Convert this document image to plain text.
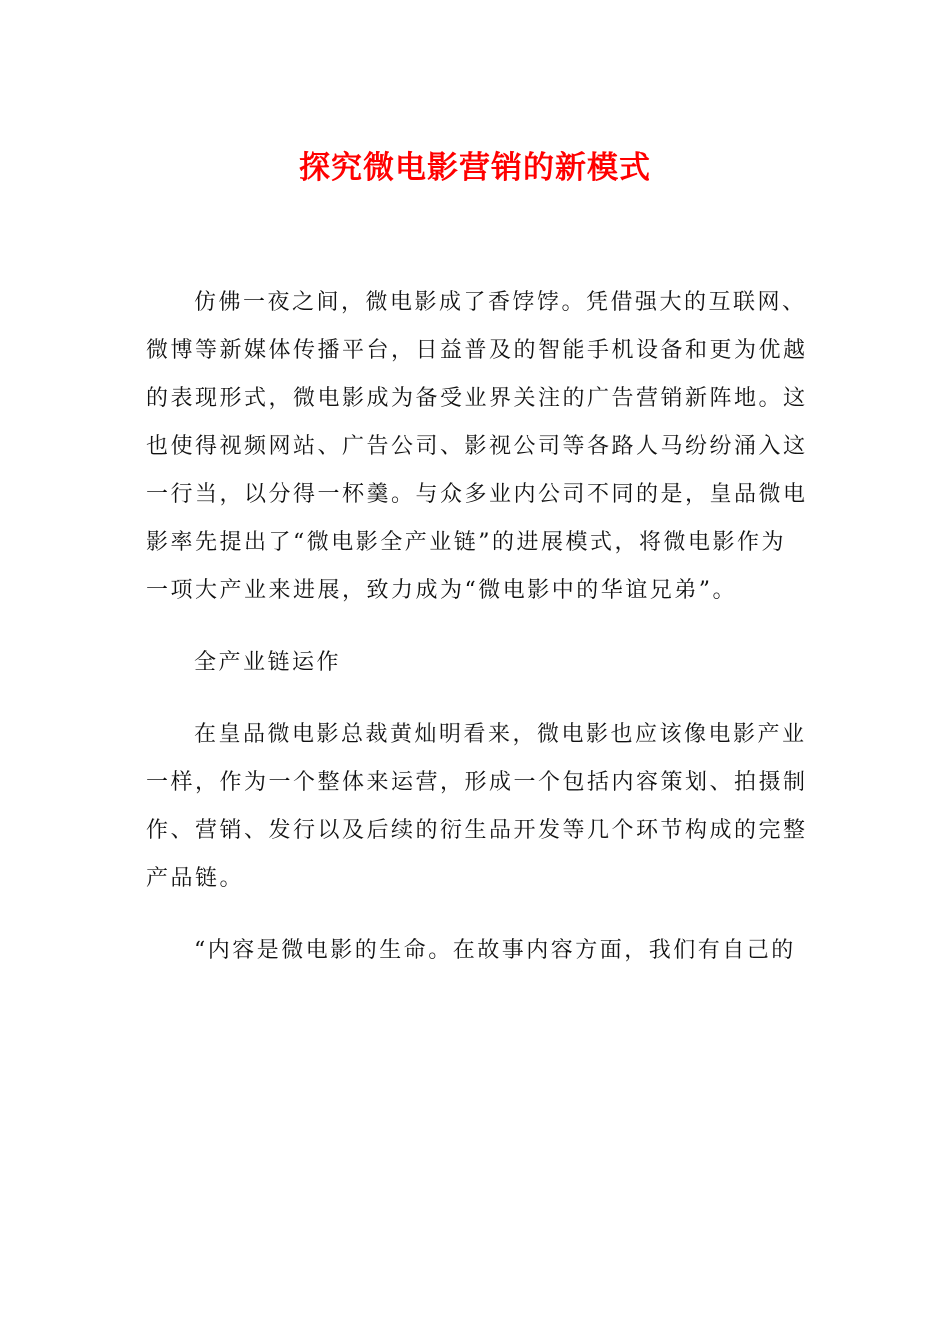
探究微电影营销的新模式
仿佛一夜之间，微电影成了香饽饽。凭借强大的互联网、
微博等新媒体传播平台，日益普及的智能手机设备和更为优越
的表现形式，微电影成为备受业界关注的广告营销新阵地。这
也使得视频网站、广告公司、影视公司等各路人马纷纷涌入这
一行当，以分得一杯羹。与众多业内公司不同的是，皇品微电
影率先提出了“微电影全产业链”的进展模式，将微电影作为
一项大产业来进展，致力成为“微电影中的华谊兄弟”。
全产业链运作
在皇品微电影总裁黄灿明看来，微电影也应该像电影产业
一样，作为一个整体来运营，形成一个包括内容策划、拍摄制
作、营销、发行以及后续的衍生品开发等几个环节构成的完整
产品链。
“内容是微电影的生命。在故事内容方面，我们有自己的
